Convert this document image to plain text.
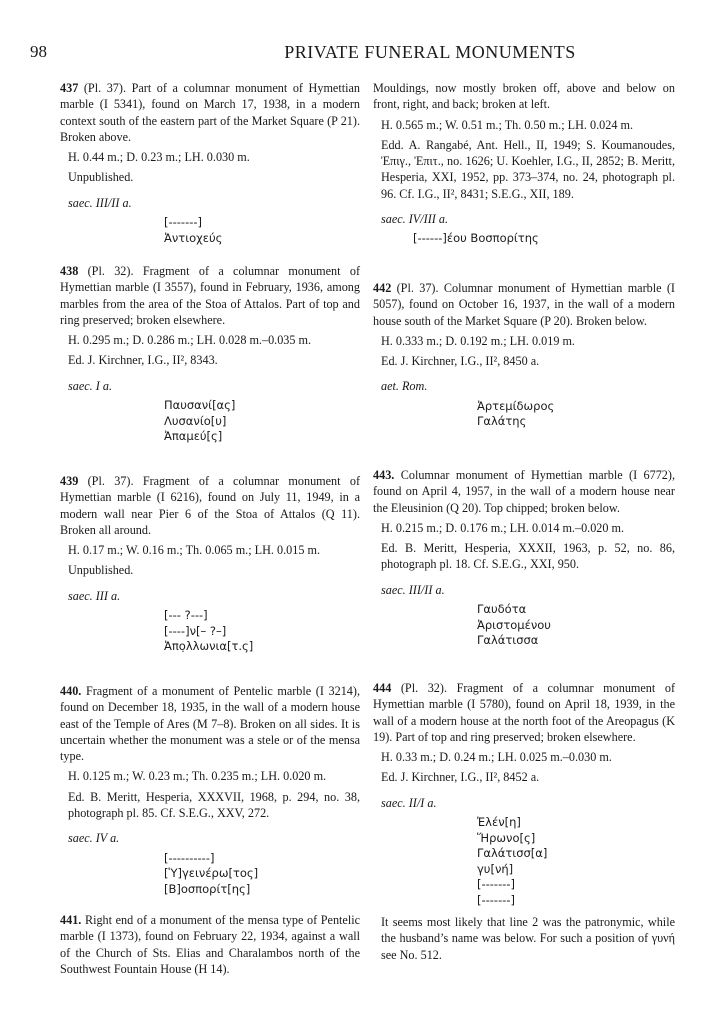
98	PRIVATE FUNERAL MONUMENTS

437 (Pl. 37). Part of a columnar monument of Hymettian marble (I 5341), found on March 17, 1938, in a modern context south of the eastern part of the Market Square (P 21). Broken above.

H. 0.44 m.; D. 0.23 m.; LH. 0.030 m.

Unpublished.

saec. III/II a.

[-------]
Ἀντιοχεύς

438 (Pl. 32). Fragment of a columnar monument of Hymettian marble (I 3557), found in February, 1936, among marbles from the area of the Stoa of Attalos. Part of top and ring preserved; broken elsewhere.

H. 0.295 m.; D. 0.286 m.; LH. 0.028 m.–0.035 m.

Ed. J. Kirchner, I.G., II², 8343.

saec. I a.

Παυσανί[ας]
Λυσανίο[υ]
Ἀπαμεύ[ς]

439 (Pl. 37). Fragment of a columnar monument of Hymettian marble (I 6216), found on July 11, 1949, in a modern wall near Pier 6 of the Stoa of Attalos (Q 11). Broken all around.

H. 0.17 m.; W. 0.16 m.; Th. 0.065 m.; LH. 0.015 m.

Unpublished.

saec. III a.

[--- ?---]
[----]ν[– ?–]
Ἀπο̣λλωνια[τ.ς]

440. Fragment of a monument of Pentelic marble (I 3214), found on December 18, 1935, in the wall of a modern house east of the Temple of Ares (M 7–8). Broken on all sides. It is uncertain whether the monument was a stele or of the mensa type.

H. 0.125 m.; W. 0.23 m.; Th. 0.235 m.; LH. 0.020 m.

Ed. B. Meritt, Hesperia, XXXVII, 1968, p. 294, no. 38, photograph pl. 85. Cf. S.E.G., XXV, 272.

saec. IV a.

[----------]
[Ὑ]γεινέρω[τος]
[Β]οσπορίτ[ης]

441. Right end of a monument of the mensa type of Pentelic marble (I 1373), found on February 22, 1934, against a wall of the Church of Sts. Elias and Charalambos north of the Southwest Fountain House (H 14).

Mouldings, now mostly broken off, above and below on front, right, and back; broken at left.

H. 0.565 m.; W. 0.51 m.; Th. 0.50 m.; LH. 0.024 m.

Edd. A. Rangabé, Ant. Hell., II, 1949; S. Koumanoudes, Ἐπιγ., Ἐπιτ., no. 1626; U. Koehler, I.G., II, 2852; B. Meritt, Hesperia, XXI, 1952, pp. 373–374, no. 24, photograph pl. 96. Cf. I.G., II², 8431; S.E.G., XII, 189.

saec. IV/III a.

[------]έου Βοσπορίτης

442 (Pl. 37). Columnar monument of Hymettian marble (I 5057), found on October 16, 1937, in the wall of a modern house south of the Market Square (P 20). Broken below.

H. 0.333 m.; D. 0.192 m.; LH. 0.019 m.

Ed. J. Kirchner, I.G., II², 8450 a.

aet. Rom.

Ἀρτεμίδωρος
Γαλάτης

443. Columnar monument of Hymettian marble (I 6772), found on April 4, 1957, in the wall of a modern house near the Eleusinion (Q 20). Top chipped; broken below.

H. 0.215 m.; D. 0.176 m.; LH. 0.014 m.–0.020 m.

Ed. B. Meritt, Hesperia, XXXII, 1963, p. 52, no. 86, photograph pl. 18. Cf. S.E.G., XXI, 950.

saec. III/II a.

Γαυδότα
Ἀριστομένου
Γαλάτισσα

444 (Pl. 32). Fragment of a columnar monument of Hymettian marble (I 5780), found on April 18, 1939, in the wall of a modern house at the north foot of the Areopagus (K 19). Part of top and ring preserved; broken elsewhere.

H. 0.33 m.; D. 0.24 m.; LH. 0.025 m.–0.030 m.

Ed. J. Kirchner, I.G., II², 8452 a.

saec. II/I a.

Ἐλέν[η]
Ἥρωνο[ς]
Γαλάτισσ[α]
γυ[νή]
[-------]
[-------]

It seems most likely that line 2 was the patronymic, while the husband’s name was below. For such a position of γυνή see No. 512.
